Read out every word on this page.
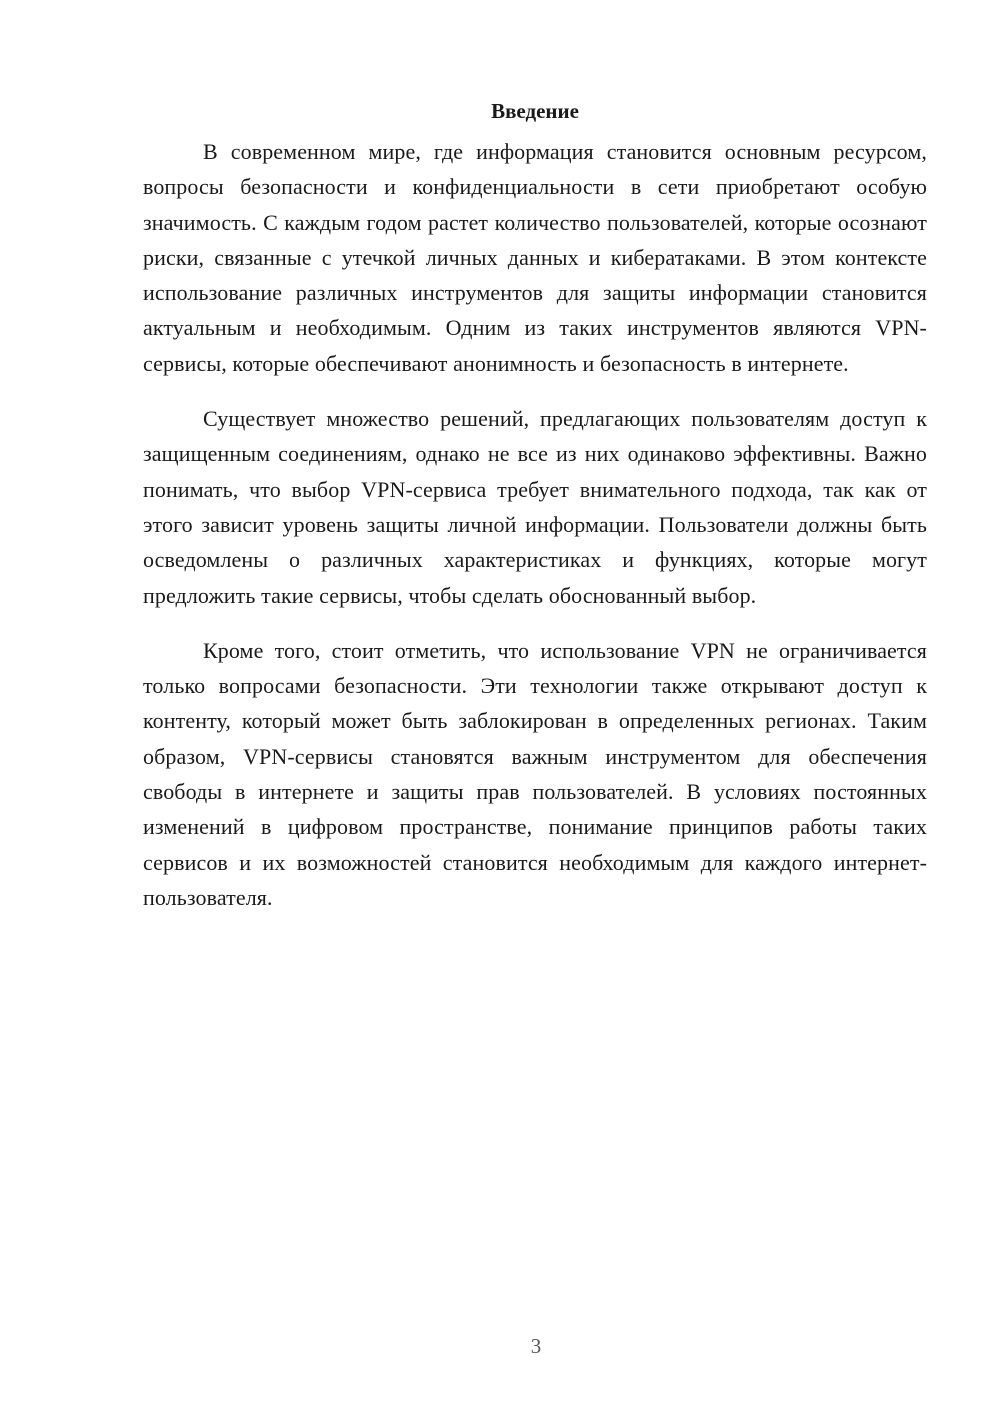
Введение

В современном мире, где информация становится основным ресурсом, вопросы безопасности и конфиденциальности в сети приобретают особую значимость. С каждым годом растет количество пользователей, которые осознают риски, связанные с утечкой личных данных и кибератаками. В этом контексте использование различных инструментов для защиты информации становится актуальным и необходимым. Одним из таких инструментов являются VPN-сервисы, которые обеспечивают анонимность и безопасность в интернете.

Существует множество решений, предлагающих пользователям доступ к защищенным соединениям, однако не все из них одинаково эффективны. Важно понимать, что выбор VPN-сервиса требует внимательного подхода, так как от этого зависит уровень защиты личной информации. Пользователи должны быть осведомлены о различных характеристиках и функциях, которые могут предложить такие сервисы, чтобы сделать обоснованный выбор.

Кроме того, стоит отметить, что использование VPN не ограничивается только вопросами безопасности. Эти технологии также открывают доступ к контенту, который может быть заблокирован в определенных регионах. Таким образом, VPN-сервисы становятся важным инструментом для обеспечения свободы в интернете и защиты прав пользователей. В условиях постоянных изменений в цифровом пространстве, понимание принципов работы таких сервисов и их возможностей становится необходимым для каждого интернет-пользователя.

3
